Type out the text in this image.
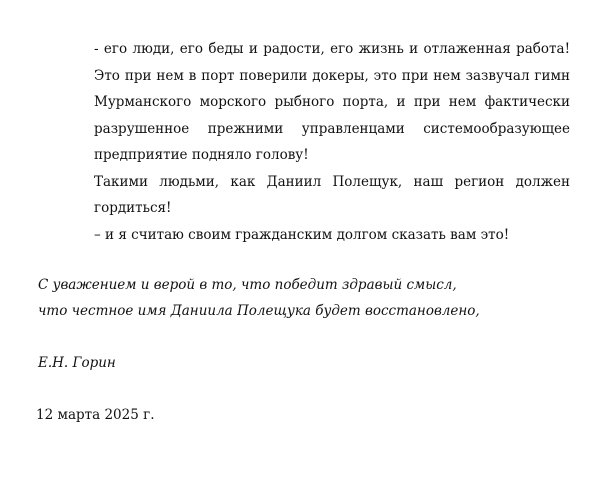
- его люди, его беды и радости, его жизнь и отлаженная работа! Это при нем в порт поверили докеры, это при нем зазвучал гимн Мурманского морского рыбного порта, и при нем фактически разрушенное прежними управленцами системообразующее предприятие подняло голову!

Такими людьми, как Даниил Полещук, наш регион должен гордиться!

– и я считаю своим гражданским долгом сказать вам это!

С уважением и верой в то, что победит здравый смысл,

что честное имя Даниила Полещука будет восстановлено,

Е.Н. Горин

12 марта 2025 г.
